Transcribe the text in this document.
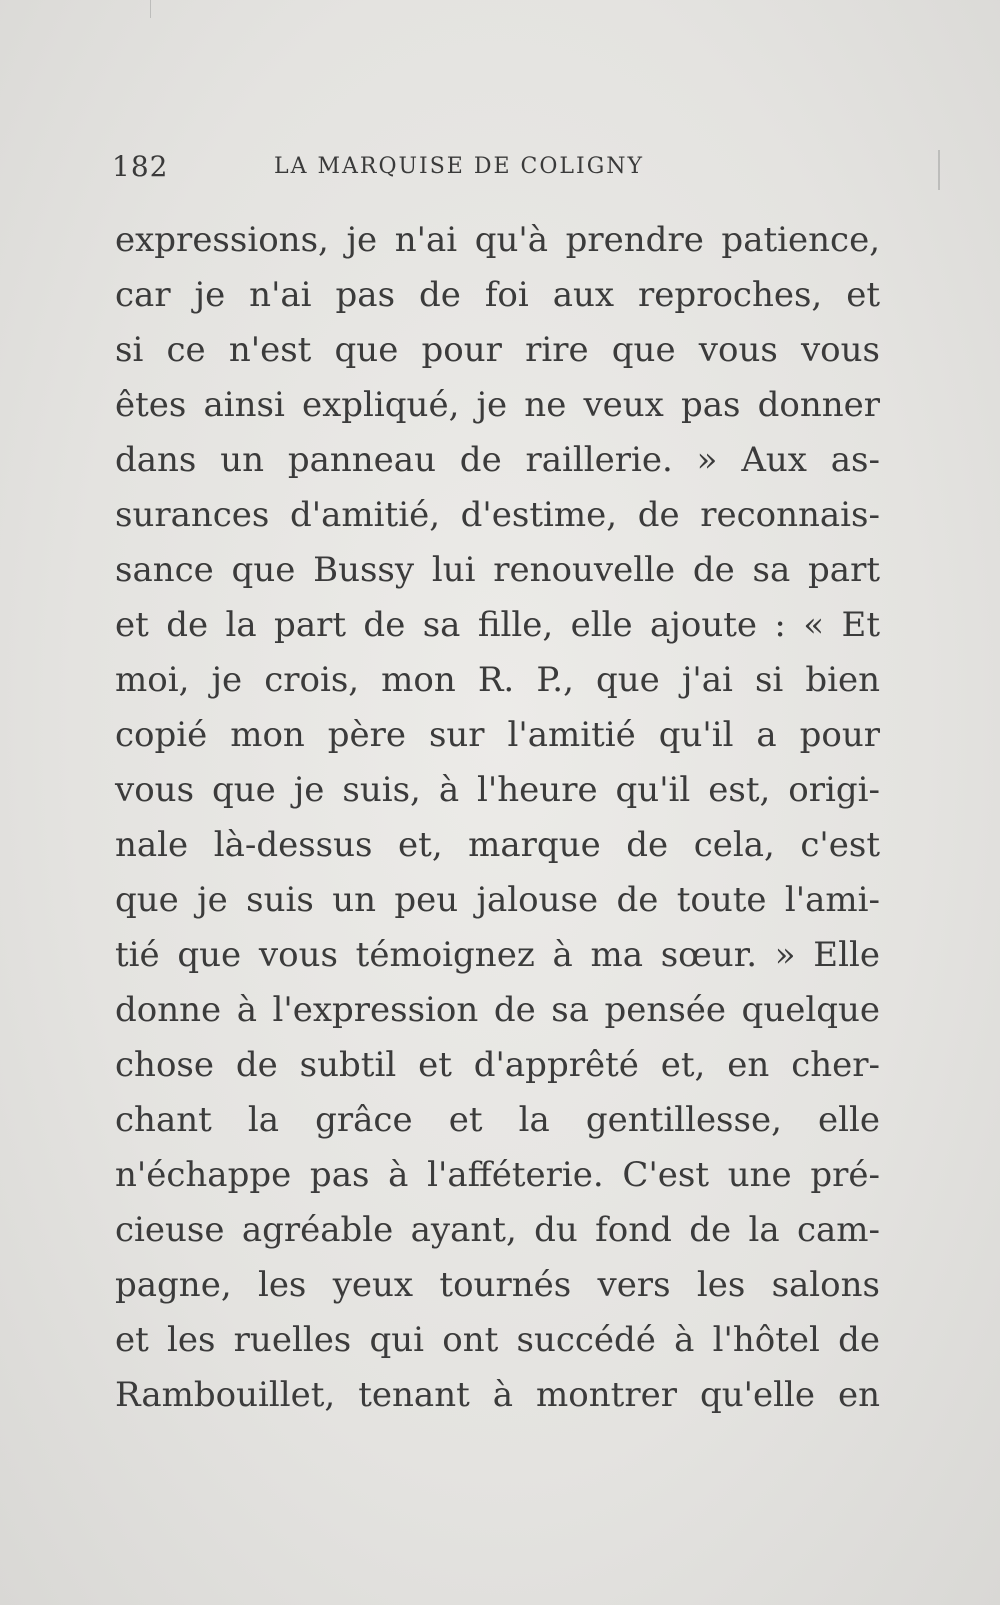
182	LA MARQUISE DE COLIGNY
expressions, je n'ai qu'à prendre patience,
car je n'ai pas de foi aux reproches, et
si ce n'est que pour rire que vous vous
êtes ainsi expliqué, je ne veux pas donner
dans un panneau de raillerie. » Aux as-
surances d'amitié, d'estime, de reconnais-
sance que Bussy lui renouvelle de sa part
et de la part de sa fille, elle ajoute : « Et
moi, je crois, mon R. P., que j'ai si bien
copié mon père sur l'amitié qu'il a pour
vous que je suis, à l'heure qu'il est, origi-
nale là-dessus et, marque de cela, c'est
que je suis un peu jalouse de toute l'ami-
tié que vous témoignez à ma sœur. » Elle
donne à l'expression de sa pensée quelque
chose de subtil et d'apprêté et, en cher-
chant la grâce et la gentillesse, elle
n'échappe pas à l'afféterie. C'est une pré-
cieuse agréable ayant, du fond de la cam-
pagne, les yeux tournés vers les salons
et les ruelles qui ont succédé à l'hôtel de
Rambouillet, tenant à montrer qu'elle en
